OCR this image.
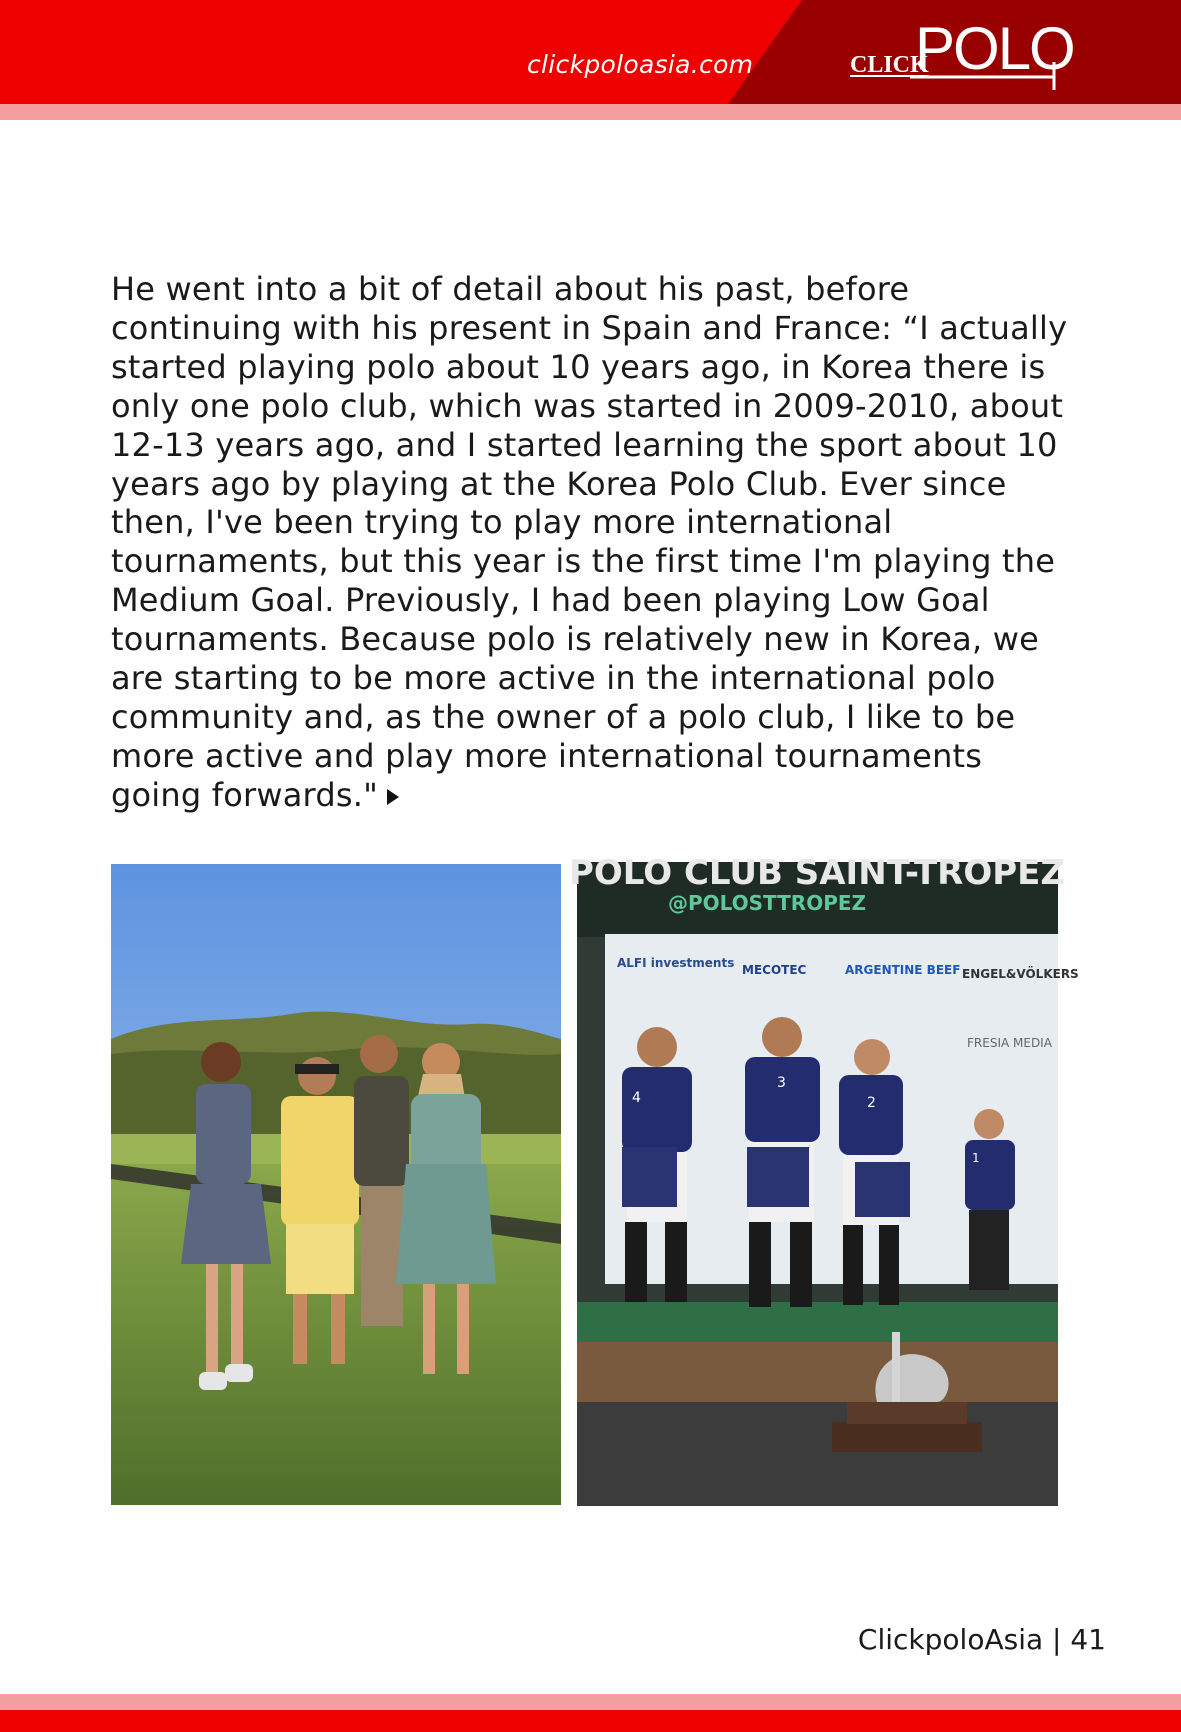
clickpoloasia.com	CLICK
POLO

He went into a bit of detail about his past, before continuing with his present in Spain and France: “I actually started playing polo about 10 years ago, in Korea there is only one polo club, which was started in 2009-2010, about 12-13 years ago, and I started learning the sport about 10 years ago by playing at the Korea Polo Club. Ever since then, I've been trying to play more international tournaments, but this year is the first time I'm playing the Medium Goal. Previously, I had been playing Low Goal tournaments. Because polo is relatively new in Korea, we are starting to be more active in the international polo community and, as the owner of a polo club, I like to be more active and play more international tournaments going forwards."

POLO CLUB SAINT-TROPEZ
@POLOSTTROPEZ
ALFI investments MECOTEC	ARGENTINE BEEF ENGEL&VÖLKERS
FRESIA MEDIA
4
3
2
1
ClickpoloAsia | 41
